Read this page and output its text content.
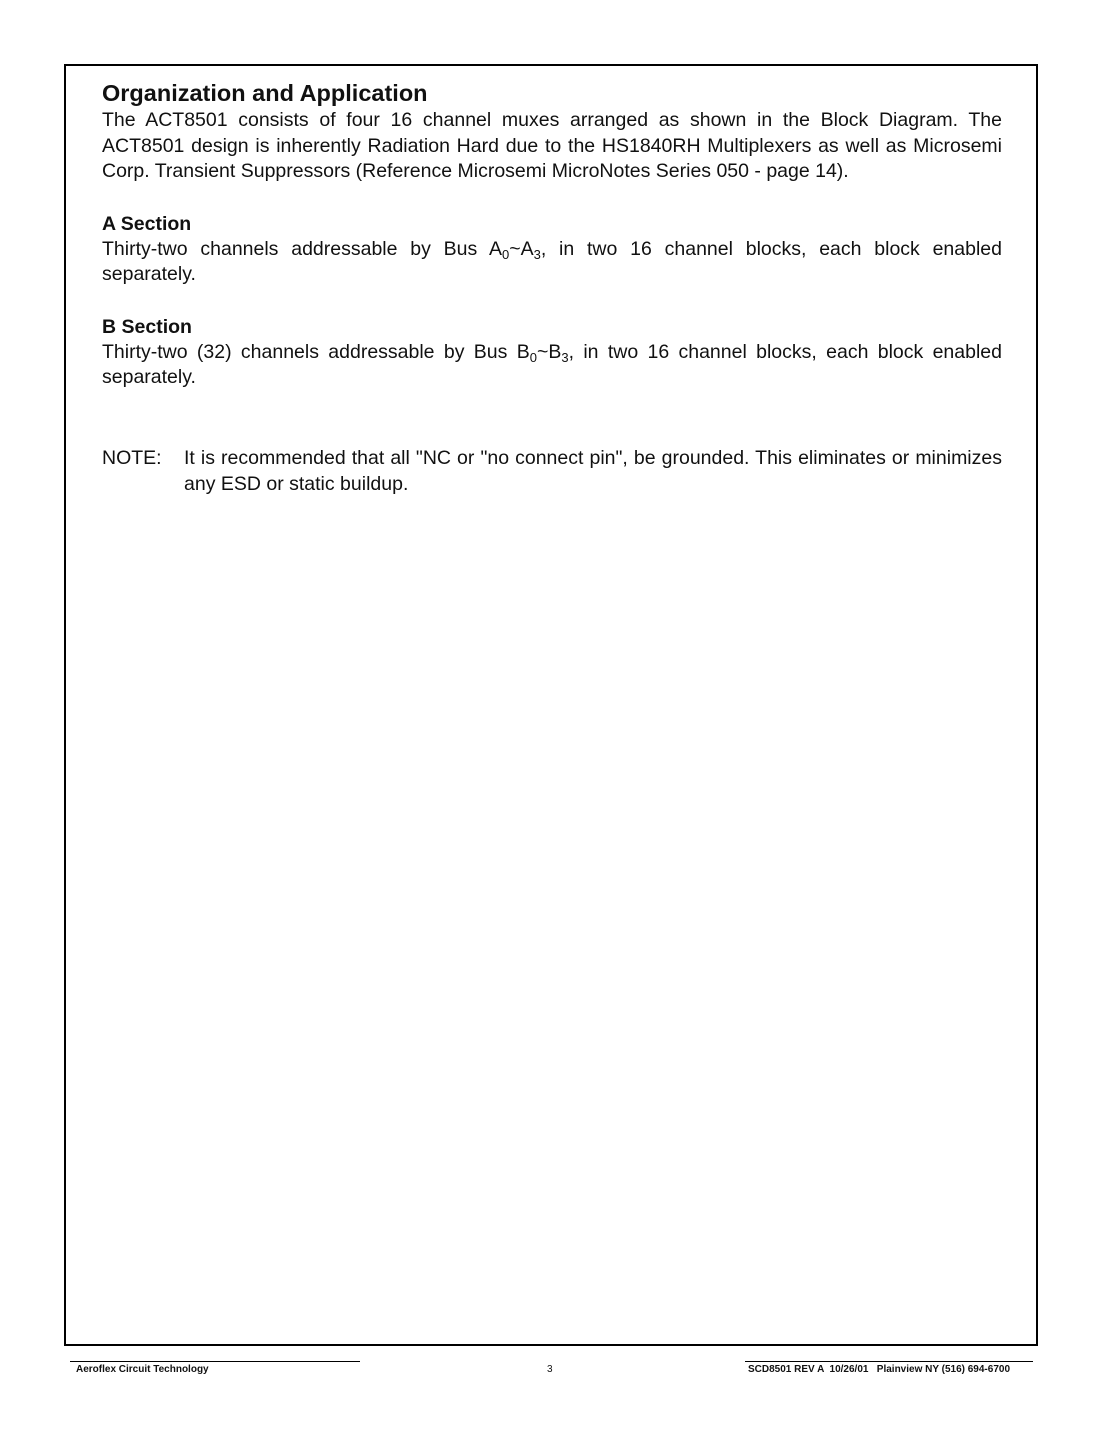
Organization and Application

The ACT8501 consists of four 16 channel muxes arranged as shown in the Block Diagram. The ACT8501 design is inherently Radiation Hard due to the HS1840RH Multiplexers as well as Microsemi Corp. Transient Suppressors (Reference Microsemi MicroNotes Series 050 - page 14).

A Section

Thirty-two channels addressable by Bus $A_0\sim A_3$, in two 16 channel blocks, each block enabled separately.

B Section

Thirty-two (32) channels addressable by Bus $B_0\sim B_3$, in two 16 channel blocks, each block enabled separately.

NOTE: It is recommended that all "NC or "no connect pin", be grounded. This eliminates or minimizes any ESD or static buildup.
Aeroflex Circuit Technology	3	SCD8501 REV A  10/26/01   Plainview NY (516) 694-6700
